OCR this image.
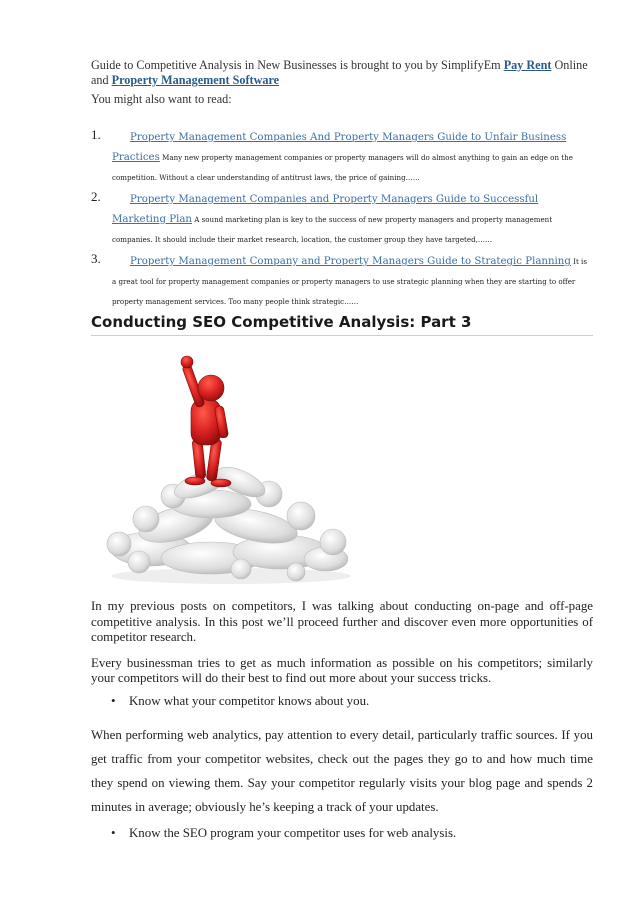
Guide to Competitive Analysis in New Businesses is brought to you by SimplifyEm Pay Rent Online and Property Management Software
You might also want to read:
1.	Property Management Companies And Property Managers Guide to Unfair Business Practices Many new property management companies or property managers will do almost anything to gain an edge on the competition. Without a clear understanding of antitrust laws, the price of gaining……
2.	Property Management Companies and Property Managers Guide to Successful Marketing Plan A sound marketing plan is key to the success of new property managers and property management companies. It should include their market research, location, the customer group they have targeted,……
3.	Property Management Company and Property Managers Guide to Strategic Planning It is a great tool for property management companies or property managers to use strategic planning when they are starting to offer property management services. Too many people think strategic……
Conducting SEO Competitive Analysis: Part 3

In my previous posts on competitors, I was talking about conducting on-page and off-page competitive analysis. In this post we’ll proceed further and discover even more opportunities of competitor research.

Every businessman tries to get as much information as possible on his competitors; similarly your competitors will do their best to find out more about your success tricks.

• Know what your competitor knows about you.

When performing web analytics, pay attention to every detail, particularly traffic sources. If you get traffic from your competitor websites, check out the pages they go to and how much time they spend on viewing them. Say your competitor regularly visits your blog page and spends 2 minutes in average; obviously he’s keeping a track of your updates.

• Know the SEO program your competitor uses for web analysis.
